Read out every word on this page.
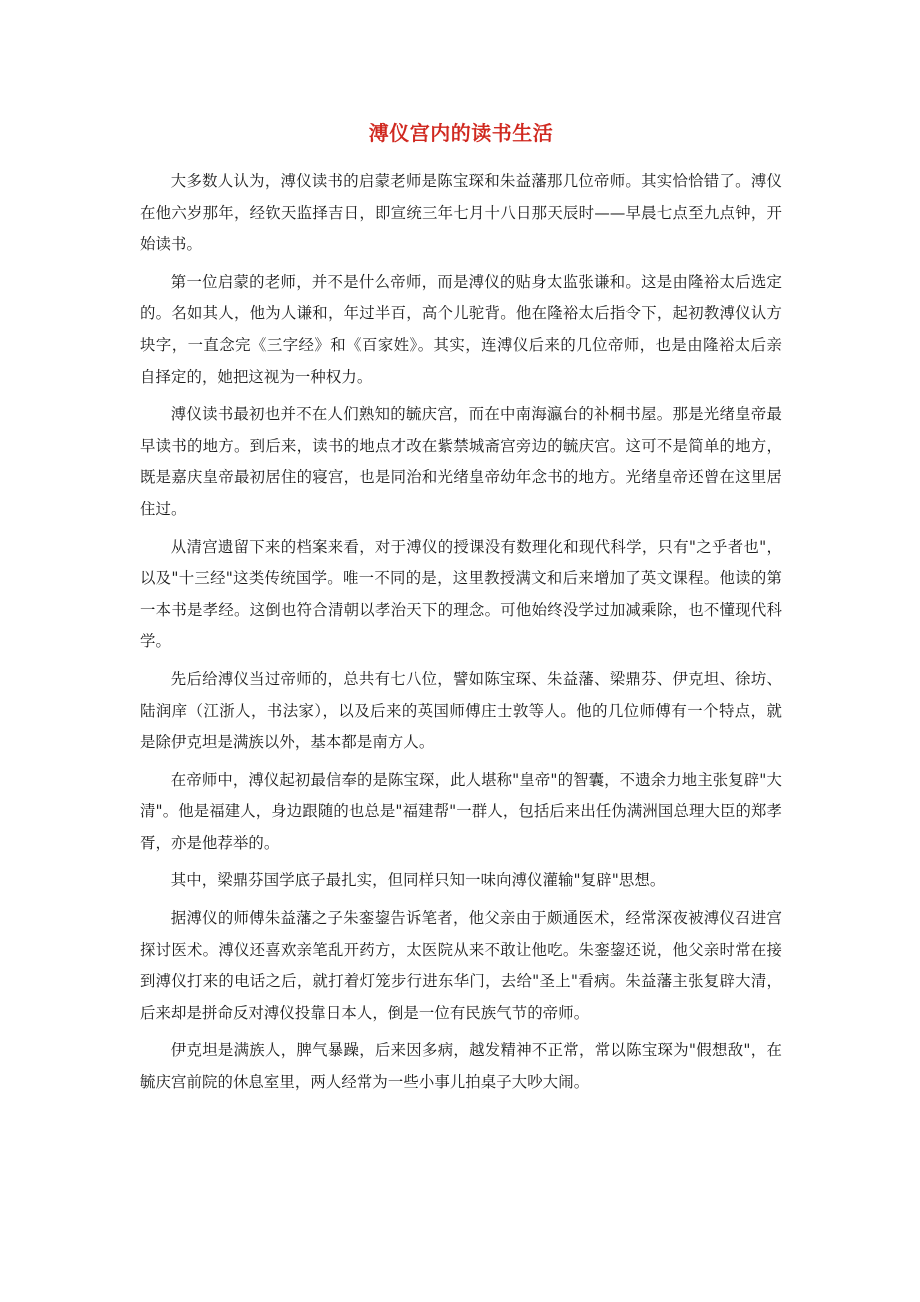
溥仪宫内的读书生活

大多数人认为，溥仪读书的启蒙老师是陈宝琛和朱益藩那几位帝师。其实恰恰错了。溥仪在他六岁那年，经钦天监择吉日，即宣统三年七月十八日那天辰时——早晨七点至九点钟，开始读书。

第一位启蒙的老师，并不是什么帝师，而是溥仪的贴身太监张谦和。这是由隆裕太后选定的。名如其人，他为人谦和，年过半百，高个儿驼背。他在隆裕太后指令下，起初教溥仪认方块字，一直念完《三字经》和《百家姓》。其实，连溥仪后来的几位帝师，也是由隆裕太后亲自择定的，她把这视为一种权力。

溥仪读书最初也并不在人们熟知的毓庆宫，而在中南海瀛台的补桐书屋。那是光绪皇帝最早读书的地方。到后来，读书的地点才改在紫禁城斋宫旁边的毓庆宫。这可不是简单的地方，既是嘉庆皇帝最初居住的寝宫，也是同治和光绪皇帝幼年念书的地方。光绪皇帝还曾在这里居住过。

从清宫遗留下来的档案来看，对于溥仪的授课没有数理化和现代科学，只有"之乎者也"，以及"十三经"这类传统国学。唯一不同的是，这里教授满文和后来增加了英文课程。他读的第一本书是孝经。这倒也符合清朝以孝治天下的理念。可他始终没学过加减乘除，也不懂现代科学。

先后给溥仪当过帝师的，总共有七八位，譬如陈宝琛、朱益藩、梁鼎芬、伊克坦、徐坊、陆润庠（江浙人，书法家），以及后来的英国师傅庄士敦等人。他的几位师傅有一个特点，就是除伊克坦是满族以外，基本都是南方人。

在帝师中，溥仪起初最信奉的是陈宝琛，此人堪称"皇帝"的智囊，不遗余力地主张复辟"大清"。他是福建人，身边跟随的也总是"福建帮"一群人，包括后来出任伪满洲国总理大臣的郑孝胥，亦是他荐举的。

其中，梁鼎芬国学底子最扎实，但同样只知一味向溥仪灌输"复辟"思想。

据溥仪的师傅朱益藩之子朱銮鋆告诉笔者，他父亲由于颇通医术，经常深夜被溥仪召进宫探讨医术。溥仪还喜欢亲笔乱开药方，太医院从来不敢让他吃。朱銮鋆还说，他父亲时常在接到溥仪打来的电话之后，就打着灯笼步行进东华门，去给"圣上"看病。朱益藩主张复辟大清，后来却是拼命反对溥仪投靠日本人，倒是一位有民族气节的帝师。

伊克坦是满族人，脾气暴躁，后来因多病，越发精神不正常，常以陈宝琛为"假想敌"，在毓庆宫前院的休息室里，两人经常为一些小事儿拍桌子大吵大闹。
